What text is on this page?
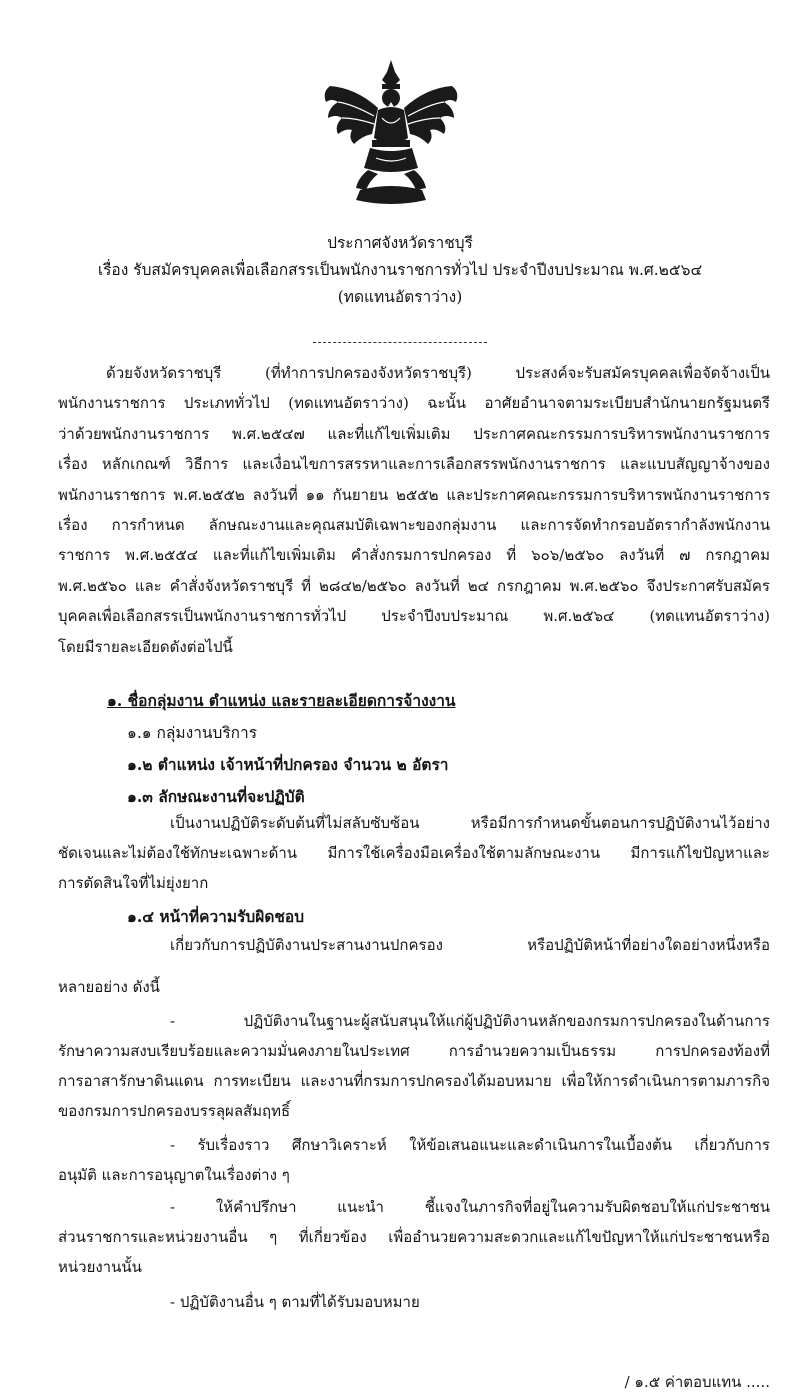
ประกาศจังหวัดราชบุรี
เรื่อง รับสมัครบุคคลเพื่อเลือกสรรเป็นพนักงานราชการทั่วไป ประจำปีงบประมาณ พ.ศ.๒๕๖๔
(ทดแทนอัตราว่าง)
ด้วยจังหวัดราชบุรี (ที่ทำการปกครองจังหวัดราชบุรี) ประสงค์จะรับสมัครบุคคลเพื่อจัดจ้างเป็น
พนักงานราชการ ประเภททั่วไป (ทดแทนอัตราว่าง) ฉะนั้น อาศัยอำนาจตามระเบียบสำนักนายกรัฐมนตรี
ว่าด้วยพนักงานราชการ พ.ศ.๒๕๔๗ และที่แก้ไขเพิ่มเติม ประกาศคณะกรรมการบริหารพนักงานราชการ
เรื่อง หลักเกณฑ์ วิธีการ และเงื่อนไขการสรรหาและการเลือกสรรพนักงานราชการ และแบบสัญญาจ้างของ
พนักงานราชการ พ.ศ.๒๕๕๒ ลงวันที่ ๑๑ กันยายน ๒๕๕๒ และประกาศคณะกรรมการบริหารพนักงานราชการ
เรื่อง การกำหนด ลักษณะงานและคุณสมบัติเฉพาะของกลุ่มงาน และการจัดทำกรอบอัตรากำลังพนักงาน
ราชการ พ.ศ.๒๕๕๔ และที่แก้ไขเพิ่มเติม คำสั่งกรมการปกครอง ที่ ๖๐๖/๒๕๖๐ ลงวันที่ ๗ กรกฎาคม
พ.ศ.๒๕๖๐ และ คำสั่งจังหวัดราชบุรี ที่ ๒๘๔๒/๒๕๖๐ ลงวันที่ ๒๔ กรกฎาคม พ.ศ.๒๕๖๐ จึงประกาศรับสมัคร
บุคคลเพื่อเลือกสรรเป็นพนักงานราชการทั่วไป ประจำปีงบประมาณ พ.ศ.๒๕๖๔ (ทดแทนอัตราว่าง)
โดยมีรายละเอียดดังต่อไปนี้
๑. ชื่อกลุ่มงาน ตำแหน่ง และรายละเอียดการจ้างงาน
๑.๑ กลุ่มงานบริการ
๑.๒ ตำแหน่ง เจ้าหน้าที่ปกครอง จำนวน ๒ อัตรา
๑.๓ ลักษณะงานที่จะปฏิบัติ
เป็นงานปฏิบัติระดับต้นที่ไม่สลับซับซ้อน หรือมีการกำหนดขั้นตอนการปฏิบัติงานไว้อย่าง
ชัดเจนและไม่ต้องใช้ทักษะเฉพาะด้าน มีการใช้เครื่องมือเครื่องใช้ตามลักษณะงาน มีการแก้ไขปัญหาและ
การตัดสินใจที่ไม่ยุ่งยาก
๑.๔ หน้าที่ความรับผิดชอบ
เกี่ยวกับการปฏิบัติงานประสานงานปกครอง หรือปฏิบัติหน้าที่อย่างใดอย่างหนึ่งหรือ
หลายอย่าง ดังนี้
- ปฏิบัติงานในฐานะผู้สนับสนุนให้แก่ผู้ปฏิบัติงานหลักของกรมการปกครองในด้านการ
รักษาความสงบเรียบร้อยและความมั่นคงภายในประเทศ การอำนวยความเป็นธรรม การปกครองท้องที่
การอาสารักษาดินแดน การทะเบียน และงานที่กรมการปกครองได้มอบหมาย เพื่อให้การดำเนินการตามภารกิจ
ของกรมการปกครองบรรลุผลสัมฤทธิ์
- รับเรื่องราว ศึกษาวิเคราะห์ ให้ข้อเสนอแนะและดำเนินการในเบื้องต้น เกี่ยวกับการ
อนุมัติ และการอนุญาตในเรื่องต่าง ๆ
- ให้คำปรึกษา แนะนำ ชี้แจงในภารกิจที่อยู่ในความรับผิดชอบให้แก่ประชาชน
ส่วนราชการและหน่วยงานอื่น ๆ ที่เกี่ยวข้อง เพื่ออำนวยความสะดวกและแก้ไขปัญหาให้แก่ประชาชนหรือ
หน่วยงานนั้น
- ปฏิบัติงานอื่น ๆ ตามที่ได้รับมอบหมาย
/ ๑.๕ ค่าตอบแทน .....
